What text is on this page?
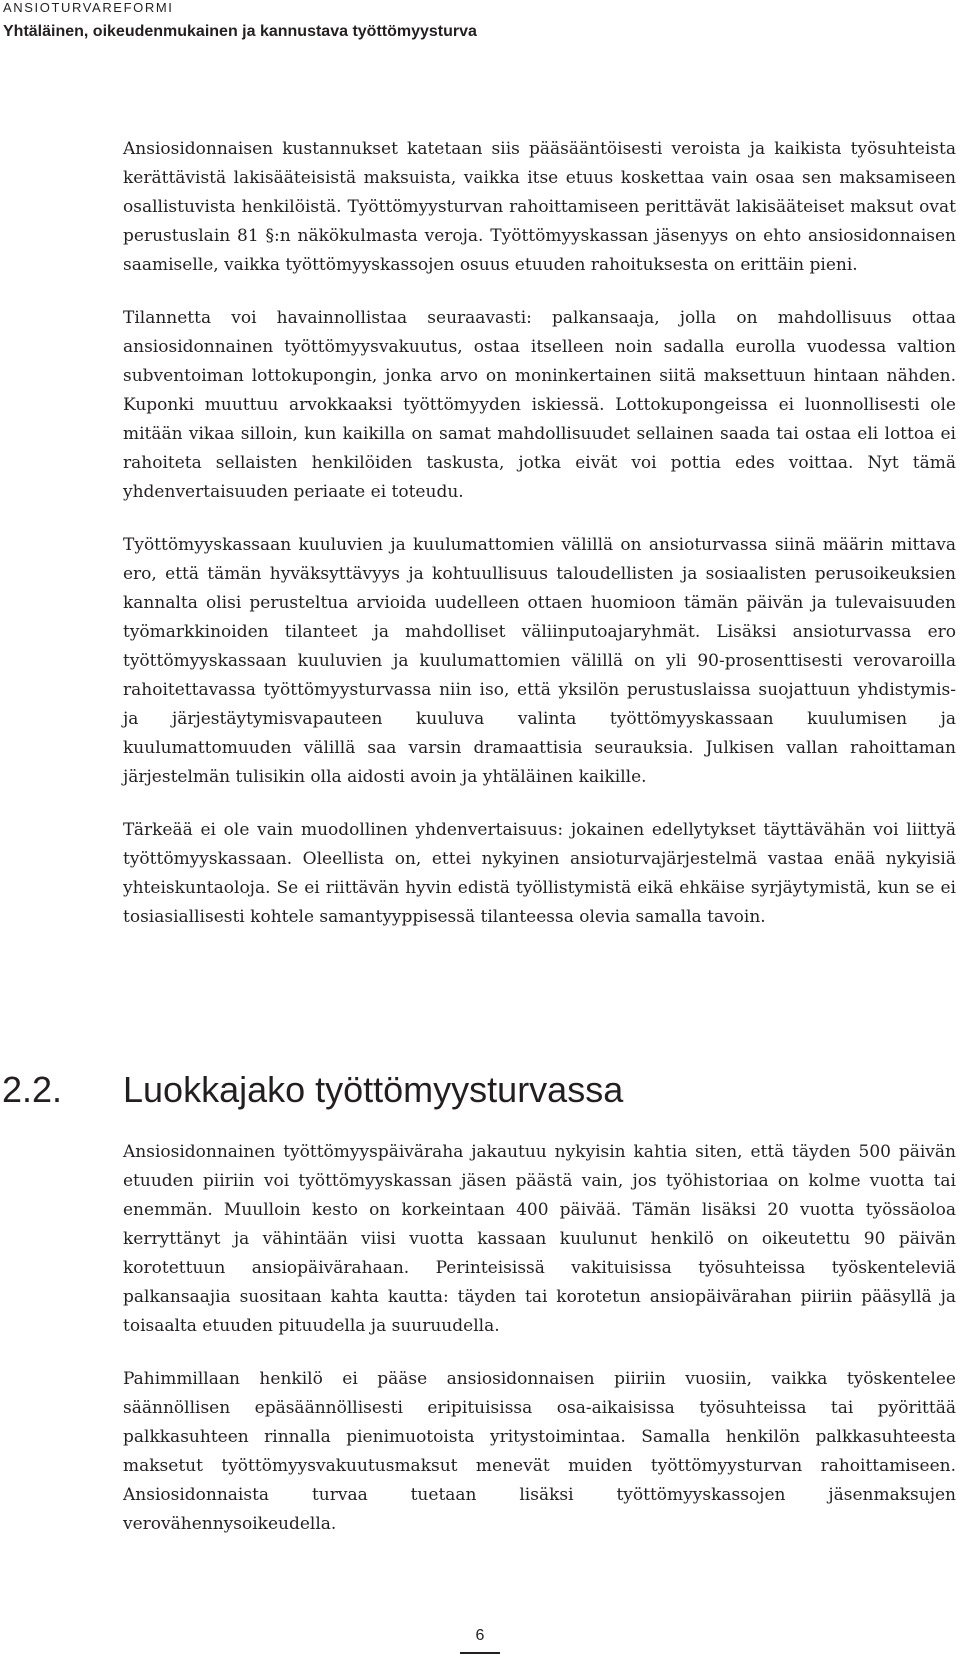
ANSIOTURVAREFORMI
Yhtäläinen, oikeudenmukainen ja kannustava työttömyysturva

Ansiosidonnaisen kustannukset katetaan siis pääsääntöisesti veroista ja kaikista työsuhteista kerättävistä lakisääteisistä maksuista, vaikka itse etuus koskettaa vain osaa sen maksamiseen osallistuvista henkilöistä. Työttömyysturvan rahoittamiseen perittävät lakisääteiset maksut ovat perustuslain 81 §:n näkökulmasta veroja. Työttömyyskassan jäsenyys on ehto ansiosidonnaisen saamiselle, vaikka työttömyyskassojen osuus etuuden rahoituksesta on erittäin pieni.

Tilannetta voi havainnollistaa seuraavasti: palkansaaja, jolla on mahdollisuus ottaa ansiosidonnainen työttömyysvakuutus, ostaa itselleen noin sadalla eurolla vuodessa valtion subventoiman lottokupongin, jonka arvo on moninkertainen siitä maksettuun hintaan nähden. Kuponki muuttuu arvokkaaksi työttömyyden iskiessä. Lottokupongeissa ei luonnollisesti ole mitään vikaa silloin, kun kaikilla on samat mahdollisuudet sellainen saada tai ostaa eli lottoa ei rahoiteta sellaisten henkilöiden taskusta, jotka eivät voi pottia edes voittaa. Nyt tämä yhdenvertaisuuden periaate ei toteudu.

Työttömyyskassaan kuuluvien ja kuulumattomien välillä on ansioturvassa siinä määrin mittava ero, että tämän hyväksyttävyys ja kohtuullisuus taloudellisten ja sosiaalisten perusoikeuksien kannalta olisi perusteltua arvioida uudelleen ottaen huomioon tämän päivän ja tulevaisuuden työmarkkinoiden tilanteet ja mahdolliset väliinputoajaryhmät. Lisäksi ansioturvassa ero työttömyyskassaan kuuluvien ja kuulumattomien välillä on yli 90-prosenttisesti verovaroilla rahoitettavassa työttömyysturvassa niin iso, että yksilön perustuslaissa suojattuun yhdistymis- ja järjestäytymisvapauteen kuuluva valinta työttömyyskassaan kuulumisen ja kuulumattomuuden välillä saa varsin dramaattisia seurauksia. Julkisen vallan rahoittaman järjestelmän tulisikin olla aidosti avoin ja yhtäläinen kaikille.

Tärkeää ei ole vain muodollinen yhdenvertaisuus: jokainen edellytykset täyttävähän voi liittyä työttömyyskassaan. Oleellista on, ettei nykyinen ansioturvajärjestelmä vastaa enää nykyisiä yhteiskuntaoloja. Se ei riittävän hyvin edistä työllistymistä eikä ehkäise syrjäytymistä, kun se ei tosiasiallisesti kohtele samantyyppisessä tilanteessa olevia samalla tavoin.

2.2. Luokkajako työttömyysturvassa

Ansiosidonnainen työttömyyspäiväraha jakautuu nykyisin kahtia siten, että täyden 500 päivän etuuden piiriin voi työttömyyskassan jäsen päästä vain, jos työhistoriaa on kolme vuotta tai enemmän. Muulloin kesto on korkeintaan 400 päivää. Tämän lisäksi 20 vuotta työssäoloa kerryttänyt ja vähintään viisi vuotta kassaan kuulunut henkilö on oikeutettu 90 päivän korotettuun ansiopäivärahaan. Perinteisissä vakituisissa työsuhteissa työskenteleviä palkansaajia suositaan kahta kautta: täyden tai korotetun ansiopäivärahan piiriin pääsyllä ja toisaalta etuuden pituudella ja suuruudella.

Pahimmillaan henkilö ei pääse ansiosidonnaisen piiriin vuosiin, vaikka työskentelee säännöllisen epäsäännöllisesti eripituisissa osa-aikaisissa työsuhteissa tai pyörittää palkkasuhteen rinnalla pienimuotoista yritystoimintaa. Samalla henkilön palkkasuhteesta maksetut työttömyysvakuutusmaksut menevät muiden työttömyysturvan rahoittamiseen. Ansiosidonnaista turvaa tuetaan lisäksi työttömyyskassojen jäsenmaksujen verovähennysoikeudella.

6
